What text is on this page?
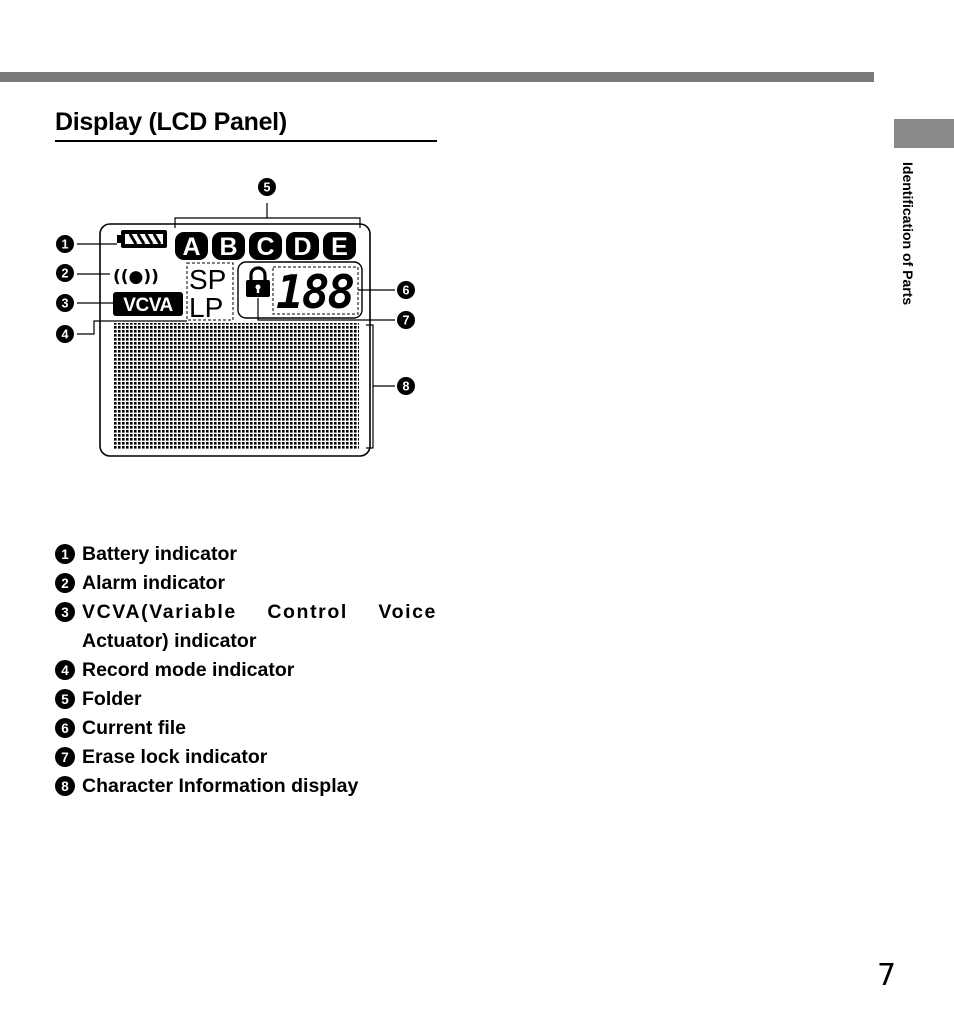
Identification of Parts
Display (LCD Panel)
5
1	A B C D E
((●))
2
VCVA
3
SP
LP
4
7
188	6
8
1 Battery indicator
2 Alarm indicator
3 VCVA(Variable Control Voice
Actuator) indicator
4 Record mode indicator
5 Folder
6 Current file
7 Erase lock indicator
8 Character Information display
7
